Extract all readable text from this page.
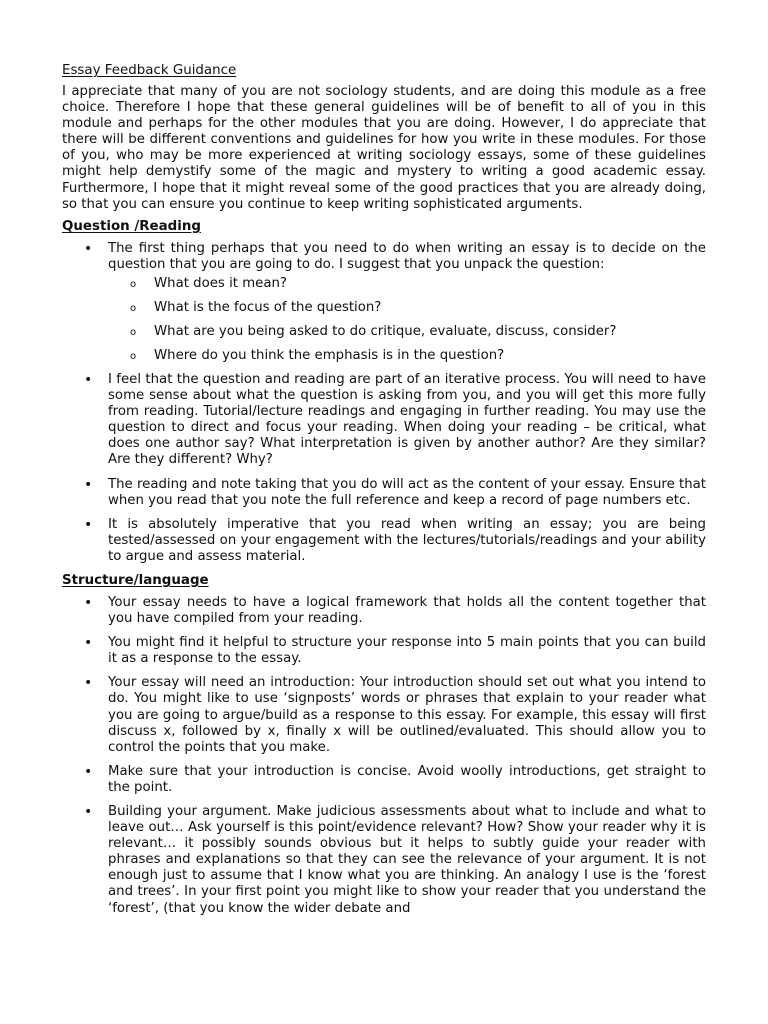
Essay Feedback Guidance

I appreciate that many of you are not sociology students, and are doing this module as a free choice. Therefore I hope that these general guidelines will be of benefit to all of you in this module and perhaps for the other modules that you are doing. However, I do appreciate that there will be different conventions and guidelines for how you write in these modules. For those of you, who may be more experienced at writing sociology essays, some of these guidelines might help demystify some of the magic and mystery to writing a good academic essay. Furthermore, I hope that it might reveal some of the good practices that you are already doing, so that you can ensure you continue to keep writing sophisticated arguments.

Question /Reading
• The first thing perhaps that you need to do when writing an essay is to decide on the question that you are going to do. I suggest that you unpack the question:
o What does it mean?
o What is the focus of the question?
o What are you being asked to do critique, evaluate, discuss, consider?
o Where do you think the emphasis is in the question?
• I feel that the question and reading are part of an iterative process. You will need to have some sense about what the question is asking from you, and you will get this more fully from reading. Tutorial/lecture readings and engaging in further reading. You may use the question to direct and focus your reading. When doing your reading – be critical, what does one author say? What interpretation is given by another author? Are they similar? Are they different? Why?
• The reading and note taking that you do will act as the content of your essay. Ensure that when you read that you note the full reference and keep a record of page numbers etc.
• It is absolutely imperative that you read when writing an essay; you are being tested/assessed on your engagement with the lectures/tutorials/readings and your ability to argue and assess material.
Structure/language
• Your essay needs to have a logical framework that holds all the content together that you have compiled from your reading.
• You might find it helpful to structure your response into 5 main points that you can build it as a response to the essay.
• Your essay will need an introduction: Your introduction should set out what you intend to do. You might like to use ‘signposts’ words or phrases that explain to your reader what you are going to argue/build as a response to this essay. For example, this essay will first discuss x, followed by x, finally x will be outlined/evaluated. This should allow you to control the points that you make.
• Make sure that your introduction is concise. Avoid woolly introductions, get straight to the point.
• Building your argument. Make judicious assessments about what to include and what to leave out… Ask yourself is this point/evidence relevant? How? Show your reader why it is relevant… it possibly sounds obvious but it helps to subtly guide your reader with phrases and explanations so that they can see the relevance of your argument. It is not enough just to assume that I know what you are thinking. An analogy I use is the ‘forest and trees’. In your first point you might like to show your reader that you understand the ‘forest’, (that you know the wider debate and
